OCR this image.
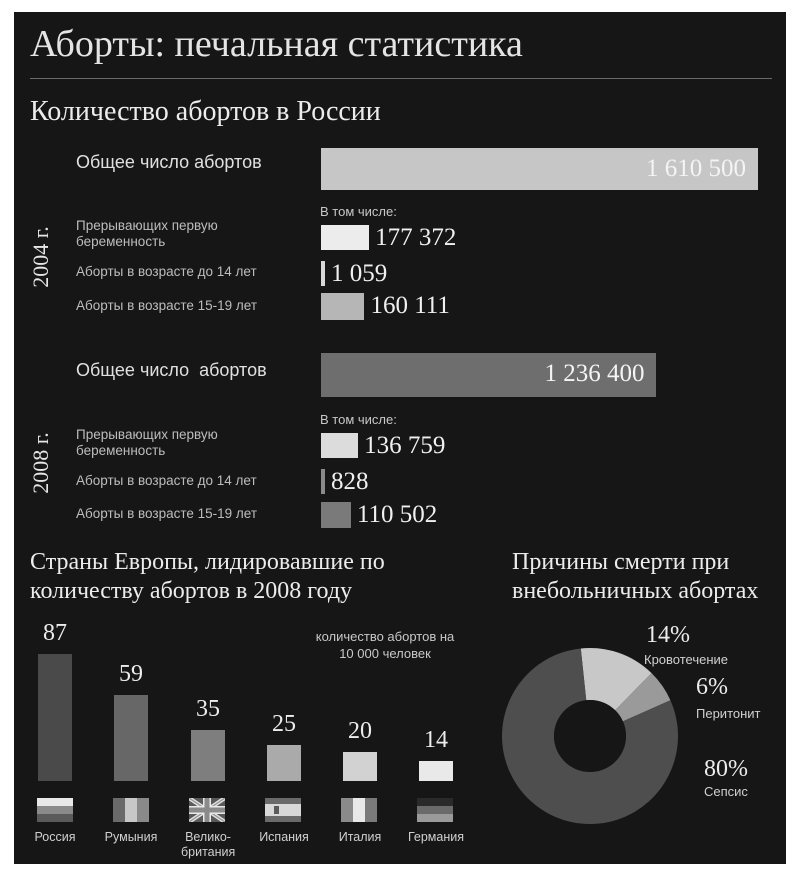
Аборты: печальная статистика
Количество абортов в России
2004 г.
Общее число абортов	1 610 500
В том числе:
Прерывающих первую беременность	177 372
Аборты в возрасте до 14 лет	1 059
Аборты в возрасте 15-19 лет	160 111
2008 г.
Общее число  абортов	1 236 400
В том числе:
Прерывающих первую беременность	136 759
Аборты в возрасте до 14 лет	828
Аборты в возрасте 15-19 лет	110 502
Страны Европы, лидировавшие по количеству абортов в 2008 году
количество абортов на 10 000 человек
87
Россия
59
Румыния
35
Велико-британия
25
Испания
20
Италия
14
Германия
Причины смерти при внебольничных абортах
14%
Кровотечение
6%
Перитонит
80%
Сепсис
